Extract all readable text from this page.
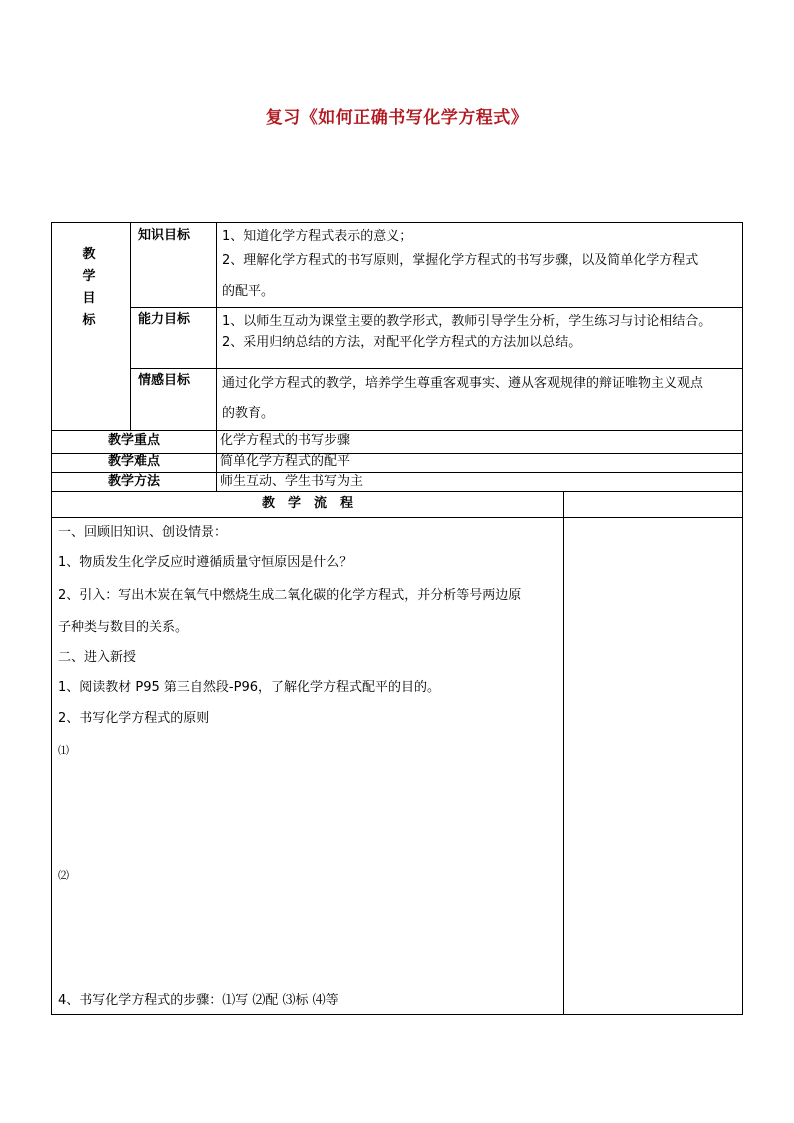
复习《如何正确书写化学方程式》
教
学
目
标
知识目标 1、知道化学方程式表示的意义；
2、理解化学方程式的书写原则，掌握化学方程式的书写步骤，以及简单化学方程式
的配平。
能力目标 1、以师生互动为课堂主要的教学形式，教师引导学生分析，学生练习与讨论相结合。
2、采用归纳总结的方法，对配平化学方程式的方法加以总结。
情感目标 通过化学方程式的教学，培养学生尊重客观事实、遵从客观规律的辩证唯物主义观点
的教育。
教学重点	化学方程式的书写步骤
教学难点	简单化学方程式的配平
教学方法	师生互动、学生书写为主
教　学　流　程
一、回顾旧知识、创设情景：
1、物质发生化学反应时遵循质量守恒原因是什么？
2、引入：写出木炭在氧气中燃烧生成二氧化碳的化学方程式，并分析等号两边原
子种类与数目的关系。
二、进入新授
1、阅读教材 P95 第三自然段-P96，了解化学方程式配平的目的。
2、书写化学方程式的原则
⑴
⑵
4、书写化学方程式的步骤：⑴写 ⑵配 ⑶标 ⑷等
